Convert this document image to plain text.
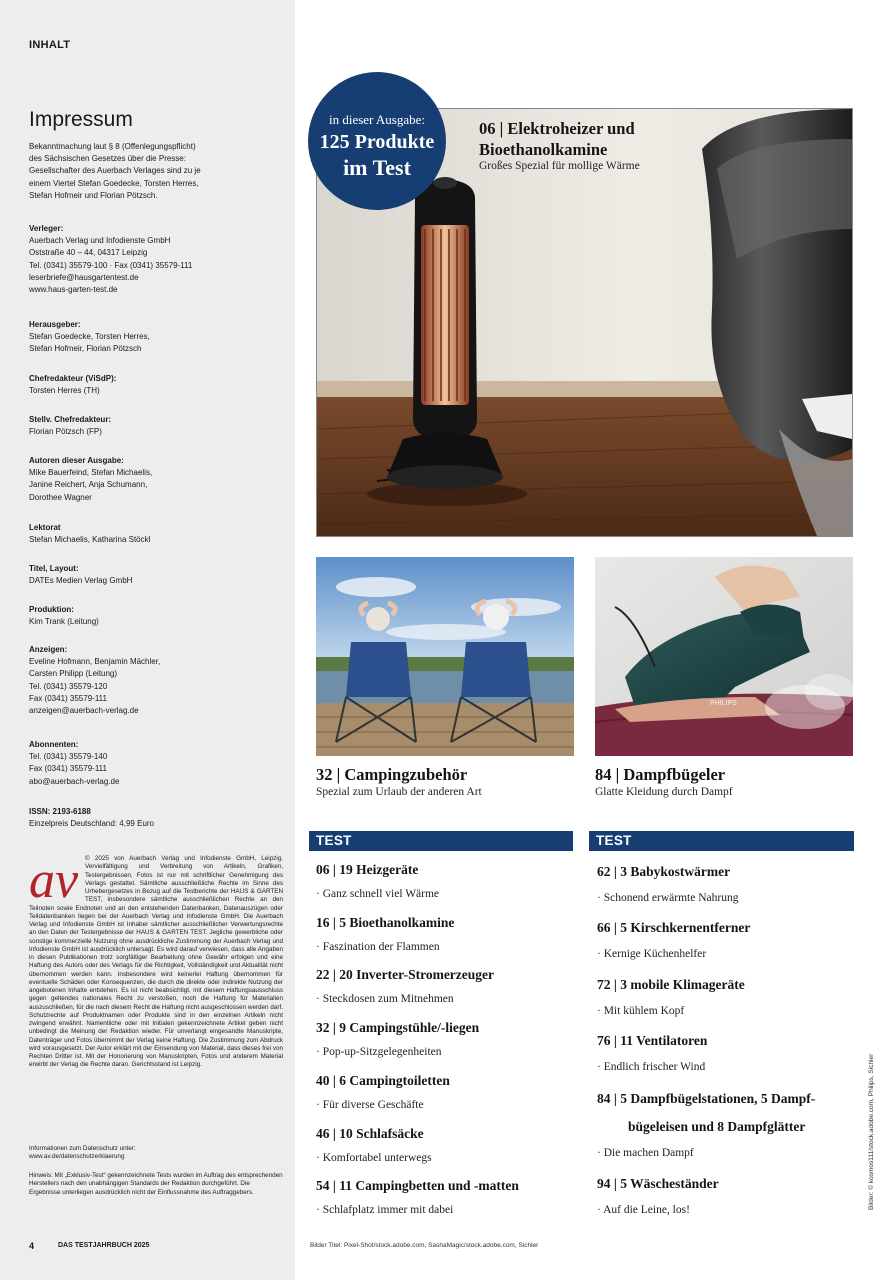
INHALT
Impressum
Bekanntmachung laut § 8 (Offenlegungspflicht)
des Sächsischen Gesetzes über die Presse:
Gesellschafter des Auerbach Verlages sind zu je
einem Viertel Stefan Goedecke, Torsten Herres,
Stefan Hofmeir und Florian Pötzsch.
Verleger:
Auerbach Verlag und Infodienste GmbH
Oststraße 40 – 44, 04317 Leipzig
Tel. (0341) 35579-100 · Fax (0341) 35579-111
leserbriefe@hausgartentest.de
www.haus-garten-test.de
Herausgeber:
Stefan Goedecke, Torsten Herres,
Stefan Hofmeir, Florian Pötzsch
Chefredakteur (ViSdP):
Torsten Herres (TH)
Stellv. Chefredakteur:
Florian Pötzsch (FP)
Autoren dieser Ausgabe:
Mike Bauerfeind, Stefan Michaelis,
Janine Reichert, Anja Schumann,
Dorothee Wagner
Lektorat
Stefan Michaelis, Katharina Stöckl
Titel, Layout:
DATEs Medien Verlag GmbH
Produktion:
Kim Trank (Leitung)
Anzeigen:
Eveline Hofmann, Benjamin Mächler,
Carsten Philipp (Leitung)
Tel. (0341) 35579-120
Fax (0341) 35579-111
anzeigen@auerbach-verlag.de
Abonnenten:
Tel. (0341) 35579-140
Fax (0341) 35579-111
abo@auerbach-verlag.de
ISSN: 2193-6188
Einzelpreis Deutschland: 4,99 Euro
av © 2025 von Auerbach Verlag und Infodienste GmbH, Leipzig. Vervielfältigung und Verbreitung von Artikeln, Grafiken, Testergebnissen, Fotos ist nur mit schriftlicher Genehmigung des Verlags gestattet. Sämtliche ausschließliche Rechte im Sinne des Urhebergesetzes in Bezug auf die Testberichte der HAUS & GARTEN TEST, insbesondere sämtliche ausschließlichen Rechte an den Teilnoten sowie Endnoten und an den entstehenden Datenbanken, Datenauszügen oder Teildatenbanken liegen bei der Auerbach Verlag und Infodienste GmbH. Die Auerbach Verlag und Infodienste GmbH ist Inhaber sämtlicher ausschließlicher Verwertungsrechte an den Daten der Testergebnisse der HAUS & GARTEN TEST. Jegliche gewerbliche oder sonstige kommerzielle Nutzung ohne ausdrückliche Zustimmung der Auerbach Verlag und Infodienste GmbH ist ausdrücklich untersagt. Es wird darauf verwiesen, dass alle Angaben in diesen Publikationen trotz sorgfältiger Bearbeitung ohne Gewähr erfolgen und eine Haftung des Autors oder des Verlags für die Richtigkeit, Vollständigkeit und Aktualität nicht übernommen werden kann. Insbesondere wird keinerlei Haftung übernommen für eventuelle Schäden oder Konsequenzen, die durch die direkte oder indirekte Nutzung der angebotenen Inhalte entstehen. Es ist nicht beabsichtigt, mit diesem Haftungsausschluss gegen geltendes nationales Recht zu verstoßen, noch die Haftung für Materialien auszuschließen, für die nach diesem Recht die Haftung nicht ausgeschlossen werden darf. Schutzrechte auf Produktnamen oder Produkte sind in den einzelnen Artikeln nicht zwingend erwähnt. Namentliche oder mit Initialen gekennzeichnete Artikel geben nicht unbedingt die Meinung der Redaktion wieder. Für unverlangt eingesandte Manuskripte, Datenträger und Fotos übernimmt der Verlag keine Haftung. Die Zustimmung zum Abdruck wird vorausgesetzt. Der Autor erklärt mit der Einsendung von Material, dass dieses frei von Rechten Dritter ist. Mit der Honorierung von Manuskripten, Fotos und anderem Material erwirbt der Verlag die Rechte daran. Gerichtsstand ist Leipzig.
Informationen zum Datenschutz unter:
www.av.de/datenschutzerklaerung
Hinweis: Mit „Exklusiv-Test“ gekennzeichnete Tests wurden im Auftrag des entsprechenden Herstellers nach den unabhängigen Standards der Redaktion durchgeführt. Die Ergebnisse unterliegen ausdrücklich nicht der Einflussnahme des Auftraggebers.
4	DAS TESTJAHRBUCH 2025	Bilder Titel: Pixel-Shot/stock.adobe.com, SashaMagic/stock.adobe.com, Sichler
Bilder: © kosmos111/stock.adobe.com, Philips, Sichler
in dieser Ausgabe:
125 Produkte
im Test
06 | Elektroheizer und
Bioethanolkamine
Großes Spezial für mollige Wärme
32 | Campingzubehör
Spezial zum Urlaub der anderen Art
PHILIPS
84 | Dampfbügeler
Glatte Kleidung durch Dampf
TEST	TEST
06 | 19 Heizgeräte
· Ganz schnell viel Wärme
16 | 5 Bioethanolkamine
· Faszination der Flammen
22 | 20 Inverter-Stromerzeuger
· Steckdosen zum Mitnehmen
32 | 9 Campingstühle/-liegen
· Pop-up-Sitzgelegenheiten
40 | 6 Campingtoiletten
· Für diverse Geschäfte
46 | 10 Schlafsäcke
· Komfortabel unterwegs
54 | 11 Campingbetten und -matten
· Schlafplatz immer mit dabei
62 | 3 Babykostwärmer
· Schonend erwärmte Nahrung
66 | 5 Kirschkernentferner
· Kernige Küchenhelfer
72 | 3 mobile Klimageräte
· Mit kühlem Kopf
76 | 11 Ventilatoren
· Endlich frischer Wind
84 | 5 Dampfbügelstationen, 5 Dampf-
bügeleisen und 8 Dampfglätter
· Die machen Dampf
94 | 5 Wäscheständer
· Auf die Leine, los!
